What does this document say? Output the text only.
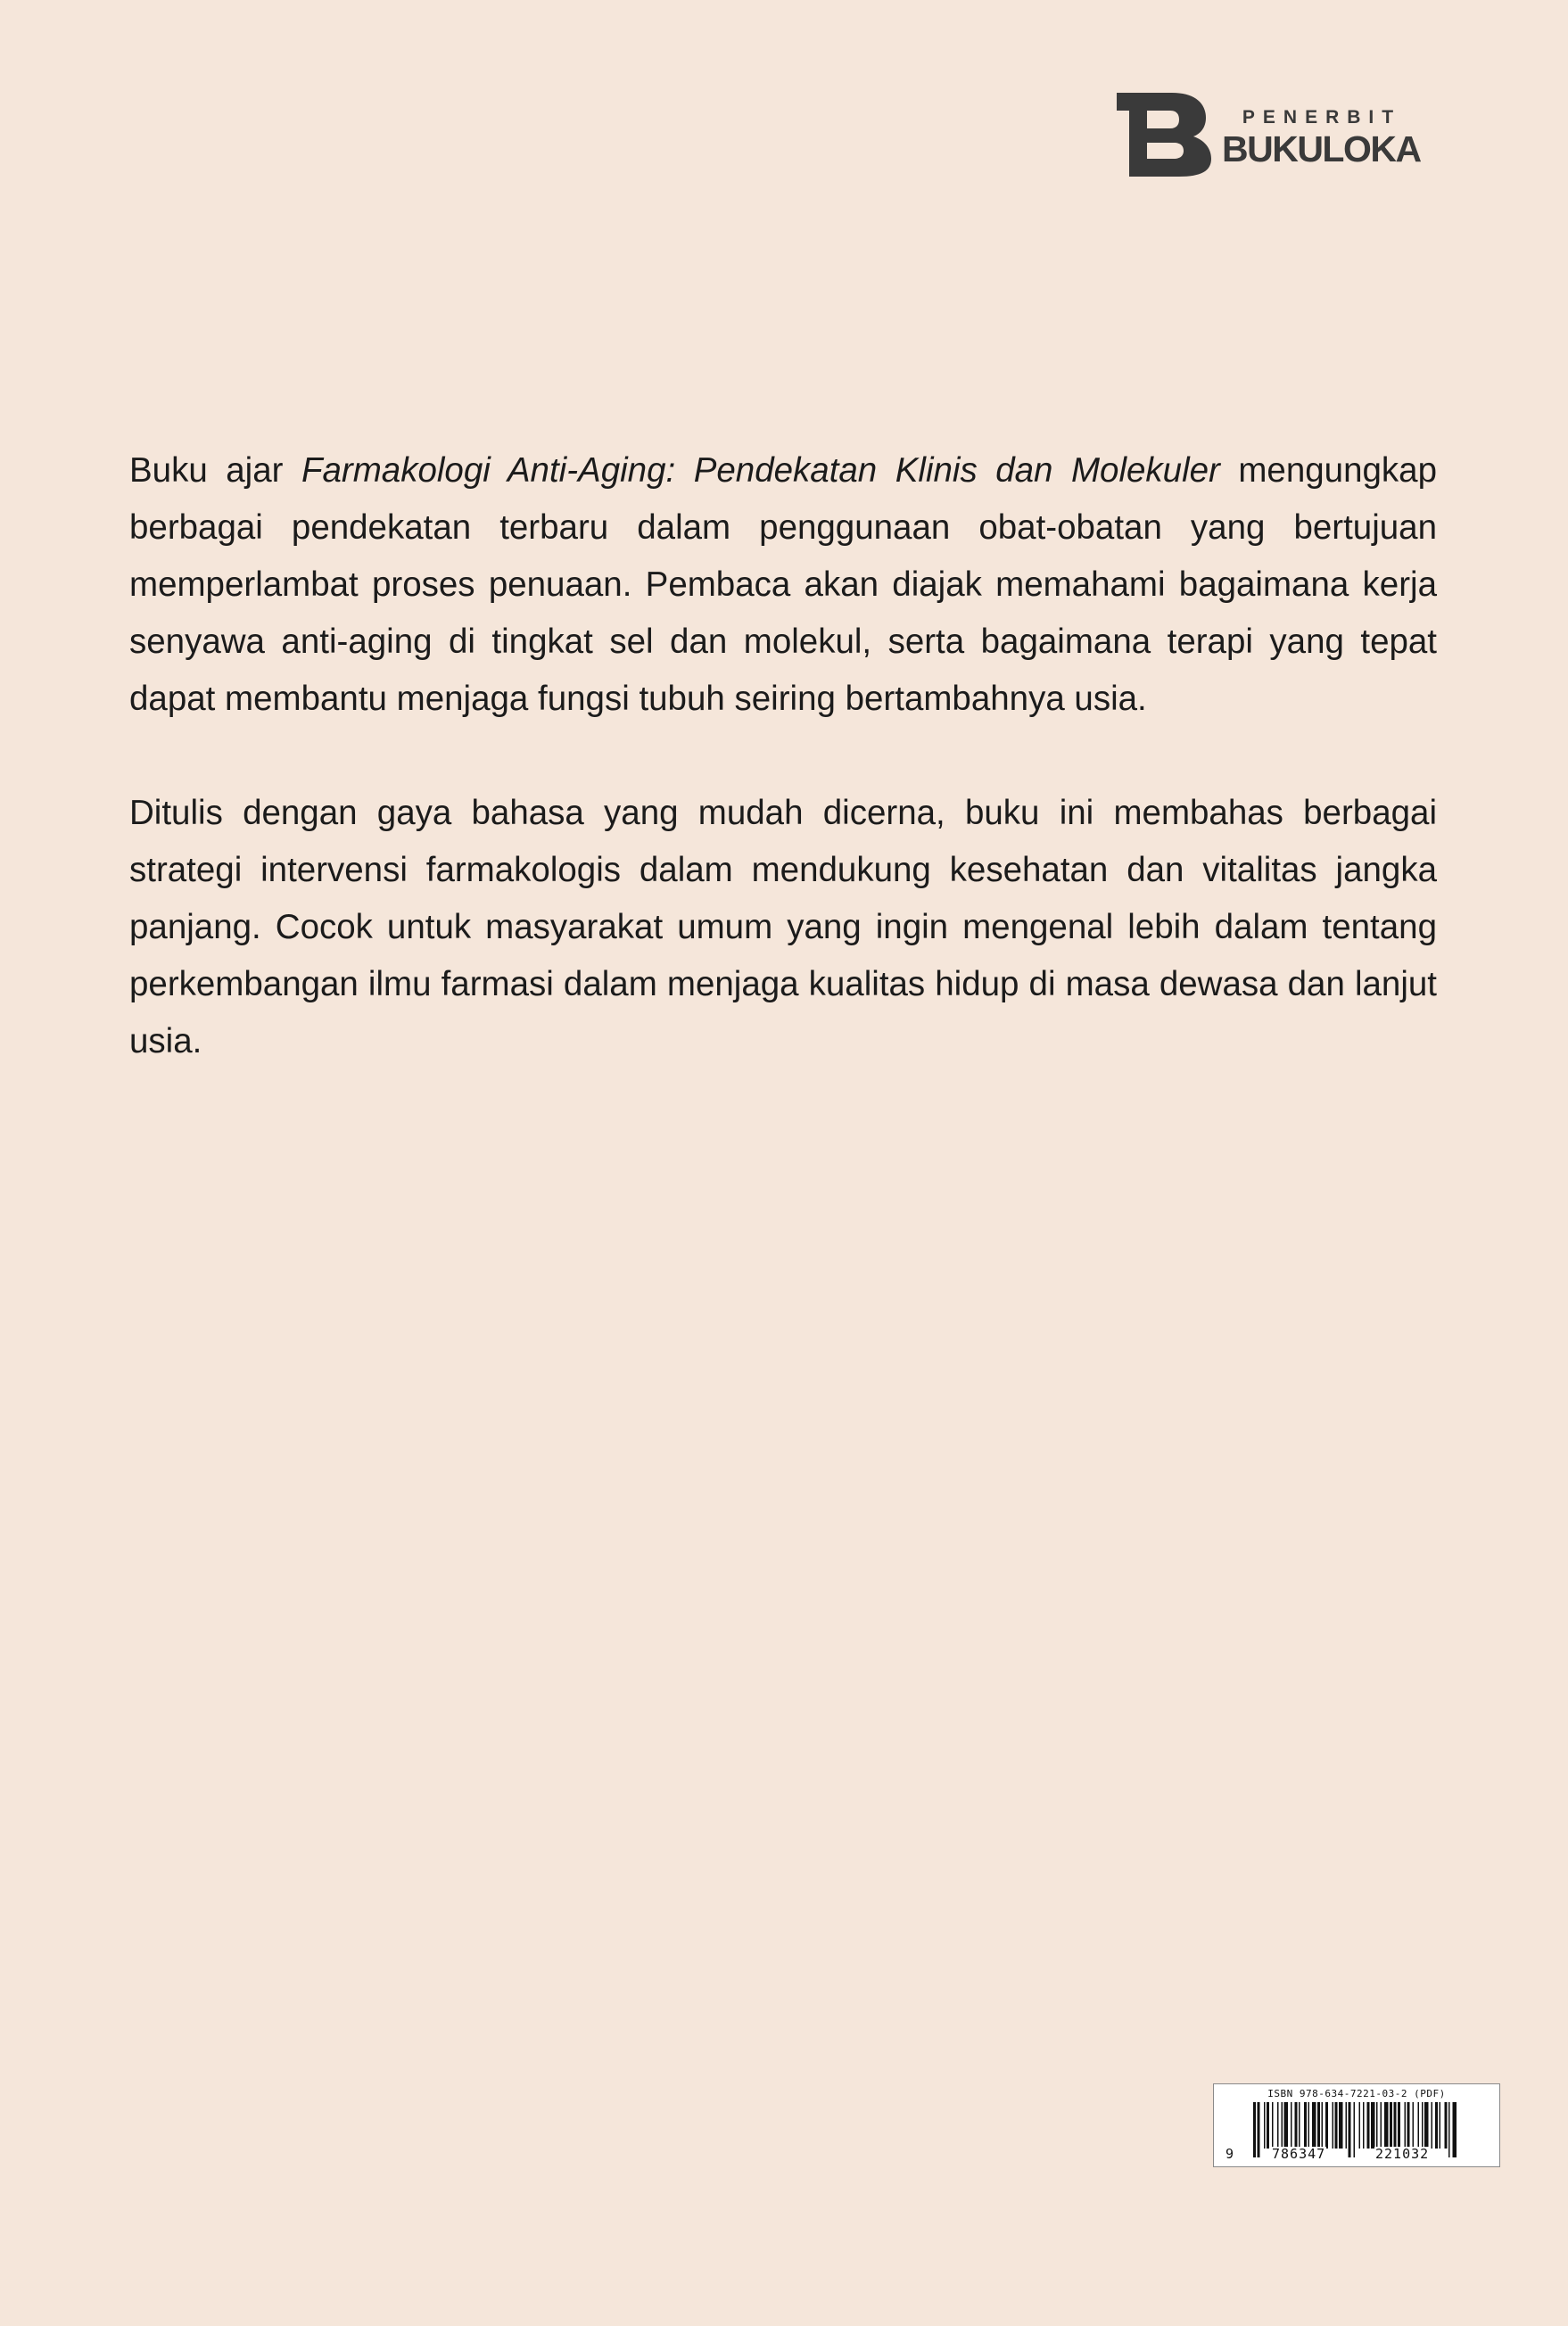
PENERBIT
BUKULOKA

Buku ajar Farmakologi Anti-Aging: Pendekatan Klinis dan Molekuler mengungkap berbagai pendekatan terbaru dalam penggunaan obat-obatan yang bertujuan memperlambat proses penuaan. Pembaca akan diajak memahami bagaimana kerja senyawa anti-aging di tingkat sel dan molekul, serta bagaimana terapi yang tepat dapat membantu menjaga fungsi tubuh seiring bertambahnya usia.

Ditulis dengan gaya bahasa yang mudah dicerna, buku ini membahas berbagai strategi intervensi farmakologis dalam mendukung kesehatan dan vitalitas jangka panjang. Cocok untuk masyarakat umum yang ingin mengenal lebih dalam tentang perkembangan ilmu farmasi dalam menjaga kualitas hidup di masa dewasa dan lanjut usia.

ISBN 978-634-7221-03-2 (PDF)
9	786347	221032
